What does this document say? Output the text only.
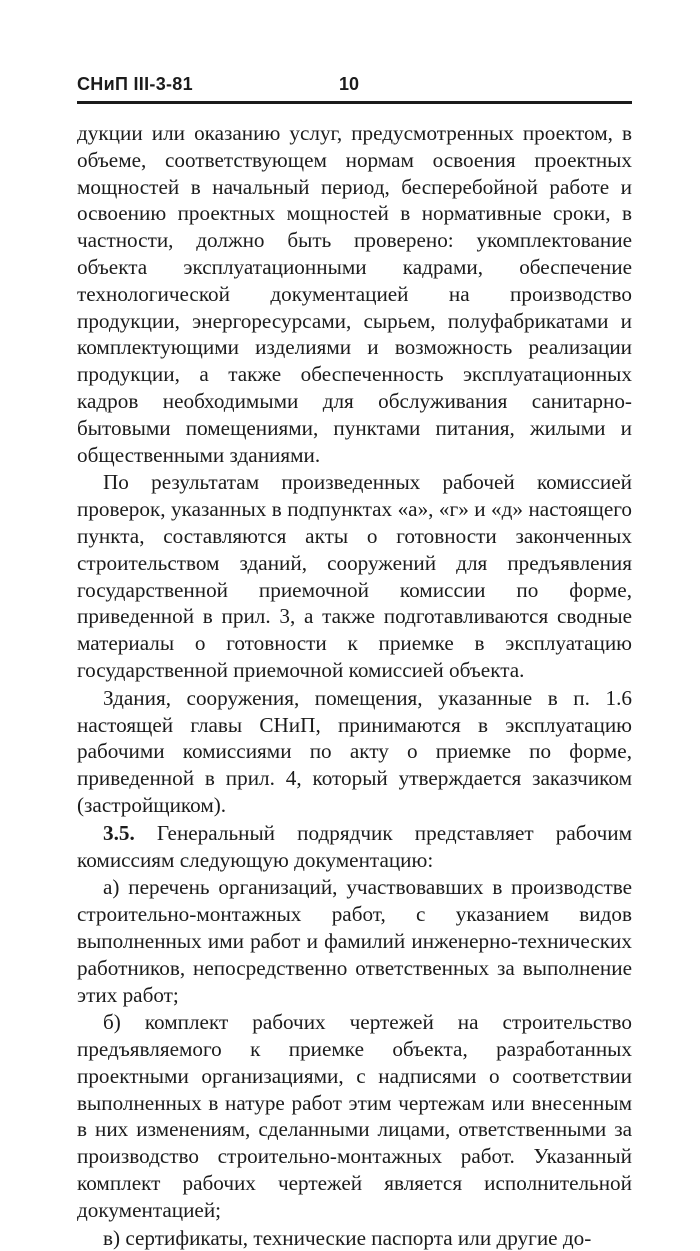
СНиП III-3-81	10

дукции или оказанию услуг, предусмотренных проектом, в объеме, соответствующем нормам освоения проектных мощностей в начальный период, бесперебойной работе и освоению проектных мощностей в нормативные сроки, в частности, должно быть проверено: укомплектование объекта эксплуатационными кадрами, обеспечение технологической документацией на производство продукции, энергоресурсами, сырьем, полуфабрикатами и комплектующими изделиями и возможность реализации продукции, а также обеспеченность эксплуатационных кадров необходимыми для обслуживания санитарно-бытовыми помещениями, пунктами питания, жилыми и общественными зданиями.

По результатам произведенных рабочей комиссией проверок, указанных в подпунктах «а», «г» и «д» настоящего пункта, составляются акты о готовности законченных строительством зданий, сооружений для предъявления государственной приемочной комиссии по форме, приведенной в прил. 3, а также подготавливаются сводные материалы о готовности к приемке в эксплуатацию государственной приемочной комиссией объекта.

Здания, сооружения, помещения, указанные в п. 1.6 настоящей главы СНиП, принимаются в эксплуатацию рабочими комиссиями по акту о приемке по форме, приведенной в прил. 4, который утверждается заказчиком (застройщиком).

3.5. Генеральный подрядчик представляет рабочим комиссиям следующую документацию:

а) перечень организаций, участвовавших в производстве строительно-монтажных работ, с указанием видов выполненных ими работ и фамилий инженерно-технических работников, непосредственно ответственных за выполнение этих работ;

б) комплект рабочих чертежей на строительство предъявляемого к приемке объекта, разработанных проектными организациями, с надписями о соответствии выполненных в натуре работ этим чертежам или внесенным в них изменениям, сделанными лицами, ответственными за производство строительно-монтажных работ. Указанный комплект рабочих чертежей является исполнительной документацией;

в) сертификаты, технические паспорта или другие до-
